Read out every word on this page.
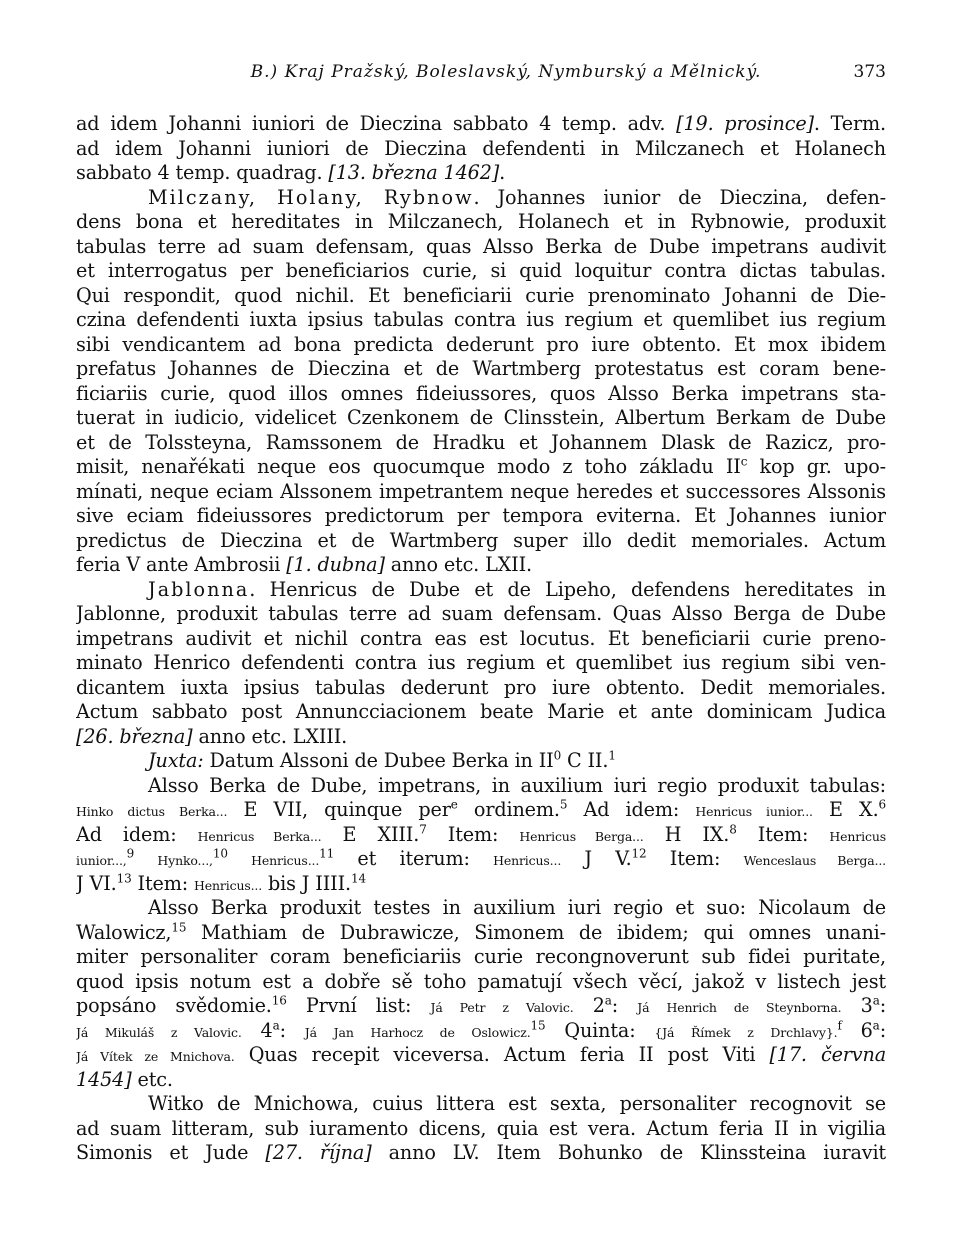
B.) Kraj Pražský, Boleslavský, Nymburský a Mělnický.	373
ad idem Johanni iuniori de Dieczina sabbato 4 temp. adv. [19. prosince]. Term.
ad idem Johanni iuniori de Dieczina defendenti in Milczanech et Holanech
sabbato 4 temp. quadrag. [13. března 1462].
Milczany, Holany, Rybnow. Johannes iunior de Dieczina, defen-
dens bona et hereditates in Milczanech, Holanech et in Rybnowie, produxit
tabulas terre ad suam defensam, quas Alsso Berka de Dube impetrans audivit
et interrogatus per beneficiarios curie, si quid loquitur contra dictas tabulas.
Qui respondit, quod nichil. Et beneficiarii curie prenominato Johanni de Die-
czina defendenti iuxta ipsius tabulas contra ius regium et quemlibet ius regium
sibi vendicantem ad bona predicta dederunt pro iure obtento. Et mox ibidem
prefatus Johannes de Dieczina et de Wartmberg protestatus est coram bene-
ficiariis curie, quod illos omnes fideiussores, quos Alsso Berka impetrans sta-
tuerat in iudicio, videlicet Czenkonem de Clinsstein, Albertum Berkam de Dube
et de Tolssteyna, Ramssonem de Hradku et Johannem Dlask de Razicz, pro-
misit, nenařékati neque eos quocumque modo z toho základu $II^c$ kop gr. upo-
mínati, neque eciam Alssonem impetrantem neque heredes et successores Alssonis
sive eciam fideiussores predictorum per tempora eviterna. Et Johannes iunior
predictus de Dieczina et de Wartmberg super illo dedit memoriales. Actum
feria V ante Ambrosii [1. dubna] anno etc. LXII.
Jablonna. Henricus de Dube et de Lipeho, defendens hereditates in
Jablonne, produxit tabulas terre ad suam defensam. Quas Alsso Berga de Dube
impetrans audivit et nichil contra eas est locutus. Et beneficiarii curie preno-
minato Henrico defendenti contra ius regium et quemlibet ius regium sibi ven-
dicantem iuxta ipsius tabulas dederunt pro iure obtento. Dedit memoriales.
Actum sabbato post Annuncciacionem beate Marie et ante dominicam Judica
[26. března] anno etc. LXIII.
Juxta: Datum Alssoni de Dubee Berka in $II^0$ C II.$^1$
Alsso Berka de Dube, impetrans, in auxilium iuri regio produxit tabulas:
Hinko dictus Berka... E VII, quinque per$^e$ ordinem.$^5$ Ad idem: Henricus iunior... E X.$^6$
Ad idem: Henricus Berka... E XIII.$^7$ Item: Henricus Berga... H IX.$^8$ Item: Henricus
iunior...,$^9$ Hynko...,$^{10}$ Henricus...$^{11}$ et iterum: Henricus... J V.$^{12}$ Item: Wenceslaus Berga...
J VI.$^{13}$ Item: Henricus... bis J IIII.$^{14}$
Alsso Berka produxit testes in auxilium iuri regio et suo: Nicolaum de
Walowicz,$^{15}$ Mathiam de Dubrawicze, Simonem de ibidem; qui omnes unani-
miter personaliter coram beneficiariis curie recongnoverunt sub fidei puritate,
quod ipsis notum est a dobře sě toho pamatují všech věcí, jakož v listech jest
popsáno svědomie.$^{16}$ První list: Já Petr z Valovic. 2$^a$: Já Henrich de Steynborna. 3$^a$:
Já Mikuláš z Valovic. 4$^a$: Já Jan Harhocz de Oslowicz.$^{15}$ Quinta: {Já Římek z Drchlavy}.$^f$ 6$^a$:
Já Vítek ze Mnichova. Quas recepit viceversa. Actum feria II post Viti [17. června
1454] etc.
Witko de Mnichowa, cuius littera est sexta, personaliter recognovit se
ad suam litteram, sub iuramento dicens, quia est vera. Actum feria II in vigilia
Simonis et Jude [27. října] anno LV. Item Bohunko de Klinssteina iuravit
